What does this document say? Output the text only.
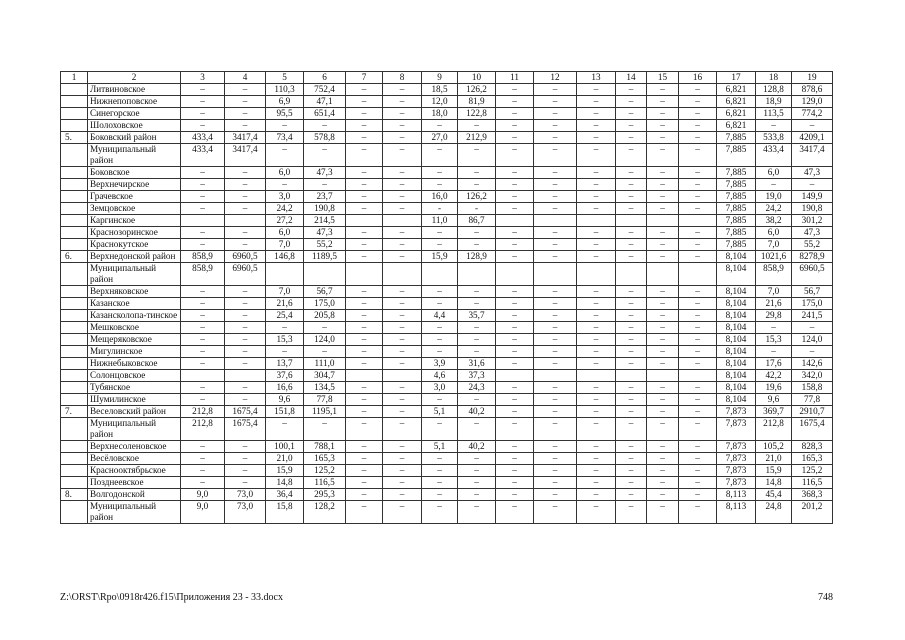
1	2	3	4	5	6	7	8	9	10	11	12	13	14	15	16	17	18	19
	Литвиновское	–	–	110,3	752,4	–	–	18,5	126,2	–	–	–	–	–	–	6,821	128,8	878,6
	Нижнепоповское	–	–	6,9	47,1	–	–	12,0	81,9	–	–	–	–	–	–	6,821	18,9	129,0
	Синегорское	–	–	95,5	651,4	–	–	18,0	122,8	–	–	–	–	–	–	6,821	113,5	774,2
	Шолоховское	–	–	–	–	–	–	–	–	–	–	–	–	–	–	6,821	–	–
5.	Боковский район	433,4	3417,4	73,4	578,8	–	–	27,0	212,9	–	–	–	–	–	–	7,885	533,8	4209,1
	Муниципальный район	433,4	3417,4	–	–	–	–	–	–	–	–	–	–	–	–	7,885	433,4	3417,4
	Боковское	–	–	6,0	47,3	–	–	–	–	–	–	–	–	–	–	7,885	6,0	47,3
	Верхнечирское	–	–	–	–	–	–	–	–	–	–	–	–	–	–	7,885	–	–
	Грачевское	–	–	3,0	23,7	–	–	16,0	126,2	–	–	–	–	–	–	7,885	19,0	149,9
	Земцовское	–	–	24,2	190,8	–	–	-	-	–	–	–	–	–	–	7,885	24,2	190,8
	Каргинское			27,2	214,5			11,0	86,7							7,885	38,2	301,2
	Краснозоринское	–	–	6,0	47,3	–	–	–	–	–	–	–	–	–	–	7,885	6,0	47,3
	Краснокутское	–	–	7,0	55,2	–	–	–	–	–	–	–	–	–	–	7,885	7,0	55,2
6.	Верхнедонской район	858,9	6960,5	146,8	1189,5	–	–	15,9	128,9	–	–	–	–	–	–	8,104	1021,6	8278,9
	Муниципальный район	858,9	6960,5													8,104	858,9	6960,5
	Верхняковское	–	–	7,0	56,7	–	–	–	–	–	–	–	–	–	–	8,104	7,0	56,7
	Казанское	–	–	21,6	175,0	–	–	–	–	–	–	–	–	–	–	8,104	21,6	175,0
	Казансколопа-тинское	–	–	25,4	205,8	–	–	4,4	35,7	–	–	–	–	–	–	8,104	29,8	241,5
	Мешковское	–	–	–	–	–	–	–	–	–	–	–	–	–	–	8,104	–	–
	Мещеряковское	–	–	15,3	124,0	–	–	–	–	–	–	–	–	–	–	8,104	15,3	124,0
	Мигулинское	–	–	–	–	–	–	–	–	–	–	–	–	–	–	8,104	–	–
	Нижнебыковское	–	–	13,7	111,0	–	–	3,9	31,6	–	–	–	–	–	–	8,104	17,6	142,6
	Солонцовское			37,6	304,7			4,6	37,3							8,104	42,2	342,0
	Тубянское	–	–	16,6	134,5	–	–	3,0	24,3	–	–	–	–	–	–	8,104	19,6	158,8
	Шумилинское	–	–	9,6	77,8	–	–	–	–	–	–	–	–	–	–	8,104	9,6	77,8
7.	Веселовский район	212,8	1675,4	151,8	1195,1	–	–	5,1	40,2	–	–	–	–	–	–	7,873	369,7	2910,7
	Муниципальный район	212,8	1675,4	–	–	–	–	–	–	–	–	–	–	–	–	7,873	212,8	1675,4
	Верхнесоленовское	–	–	100,1	788,1	–	–	5,1	40,2	–	–	–	–	–	–	7,873	105,2	828,3
	Весёловское	–	–	21,0	165,3	–	–	–	–	–	–	–	–	–	–	7,873	21,0	165,3
	Краснооктябрьское	–	–	15,9	125,2	–	–	–	–	–	–	–	–	–	–	7,873	15,9	125,2
	Позднеевское	–	–	14,8	116,5	–	–	–	–	–	–	–	–	–	–	7,873	14,8	116,5
8.	Волгодонской	9,0	73,0	36,4	295,3	–	–	–	–	–	–	–	–	–	–	8,113	45,4	368,3
	Муниципальный район	9,0	73,0	15,8	128,2	–	–	–	–	–	–	–	–	–	–	8,113	24,8	201,2
Z:\ORST\Rpo\0918r426.f15\Приложения 23 - 33.docx	748
